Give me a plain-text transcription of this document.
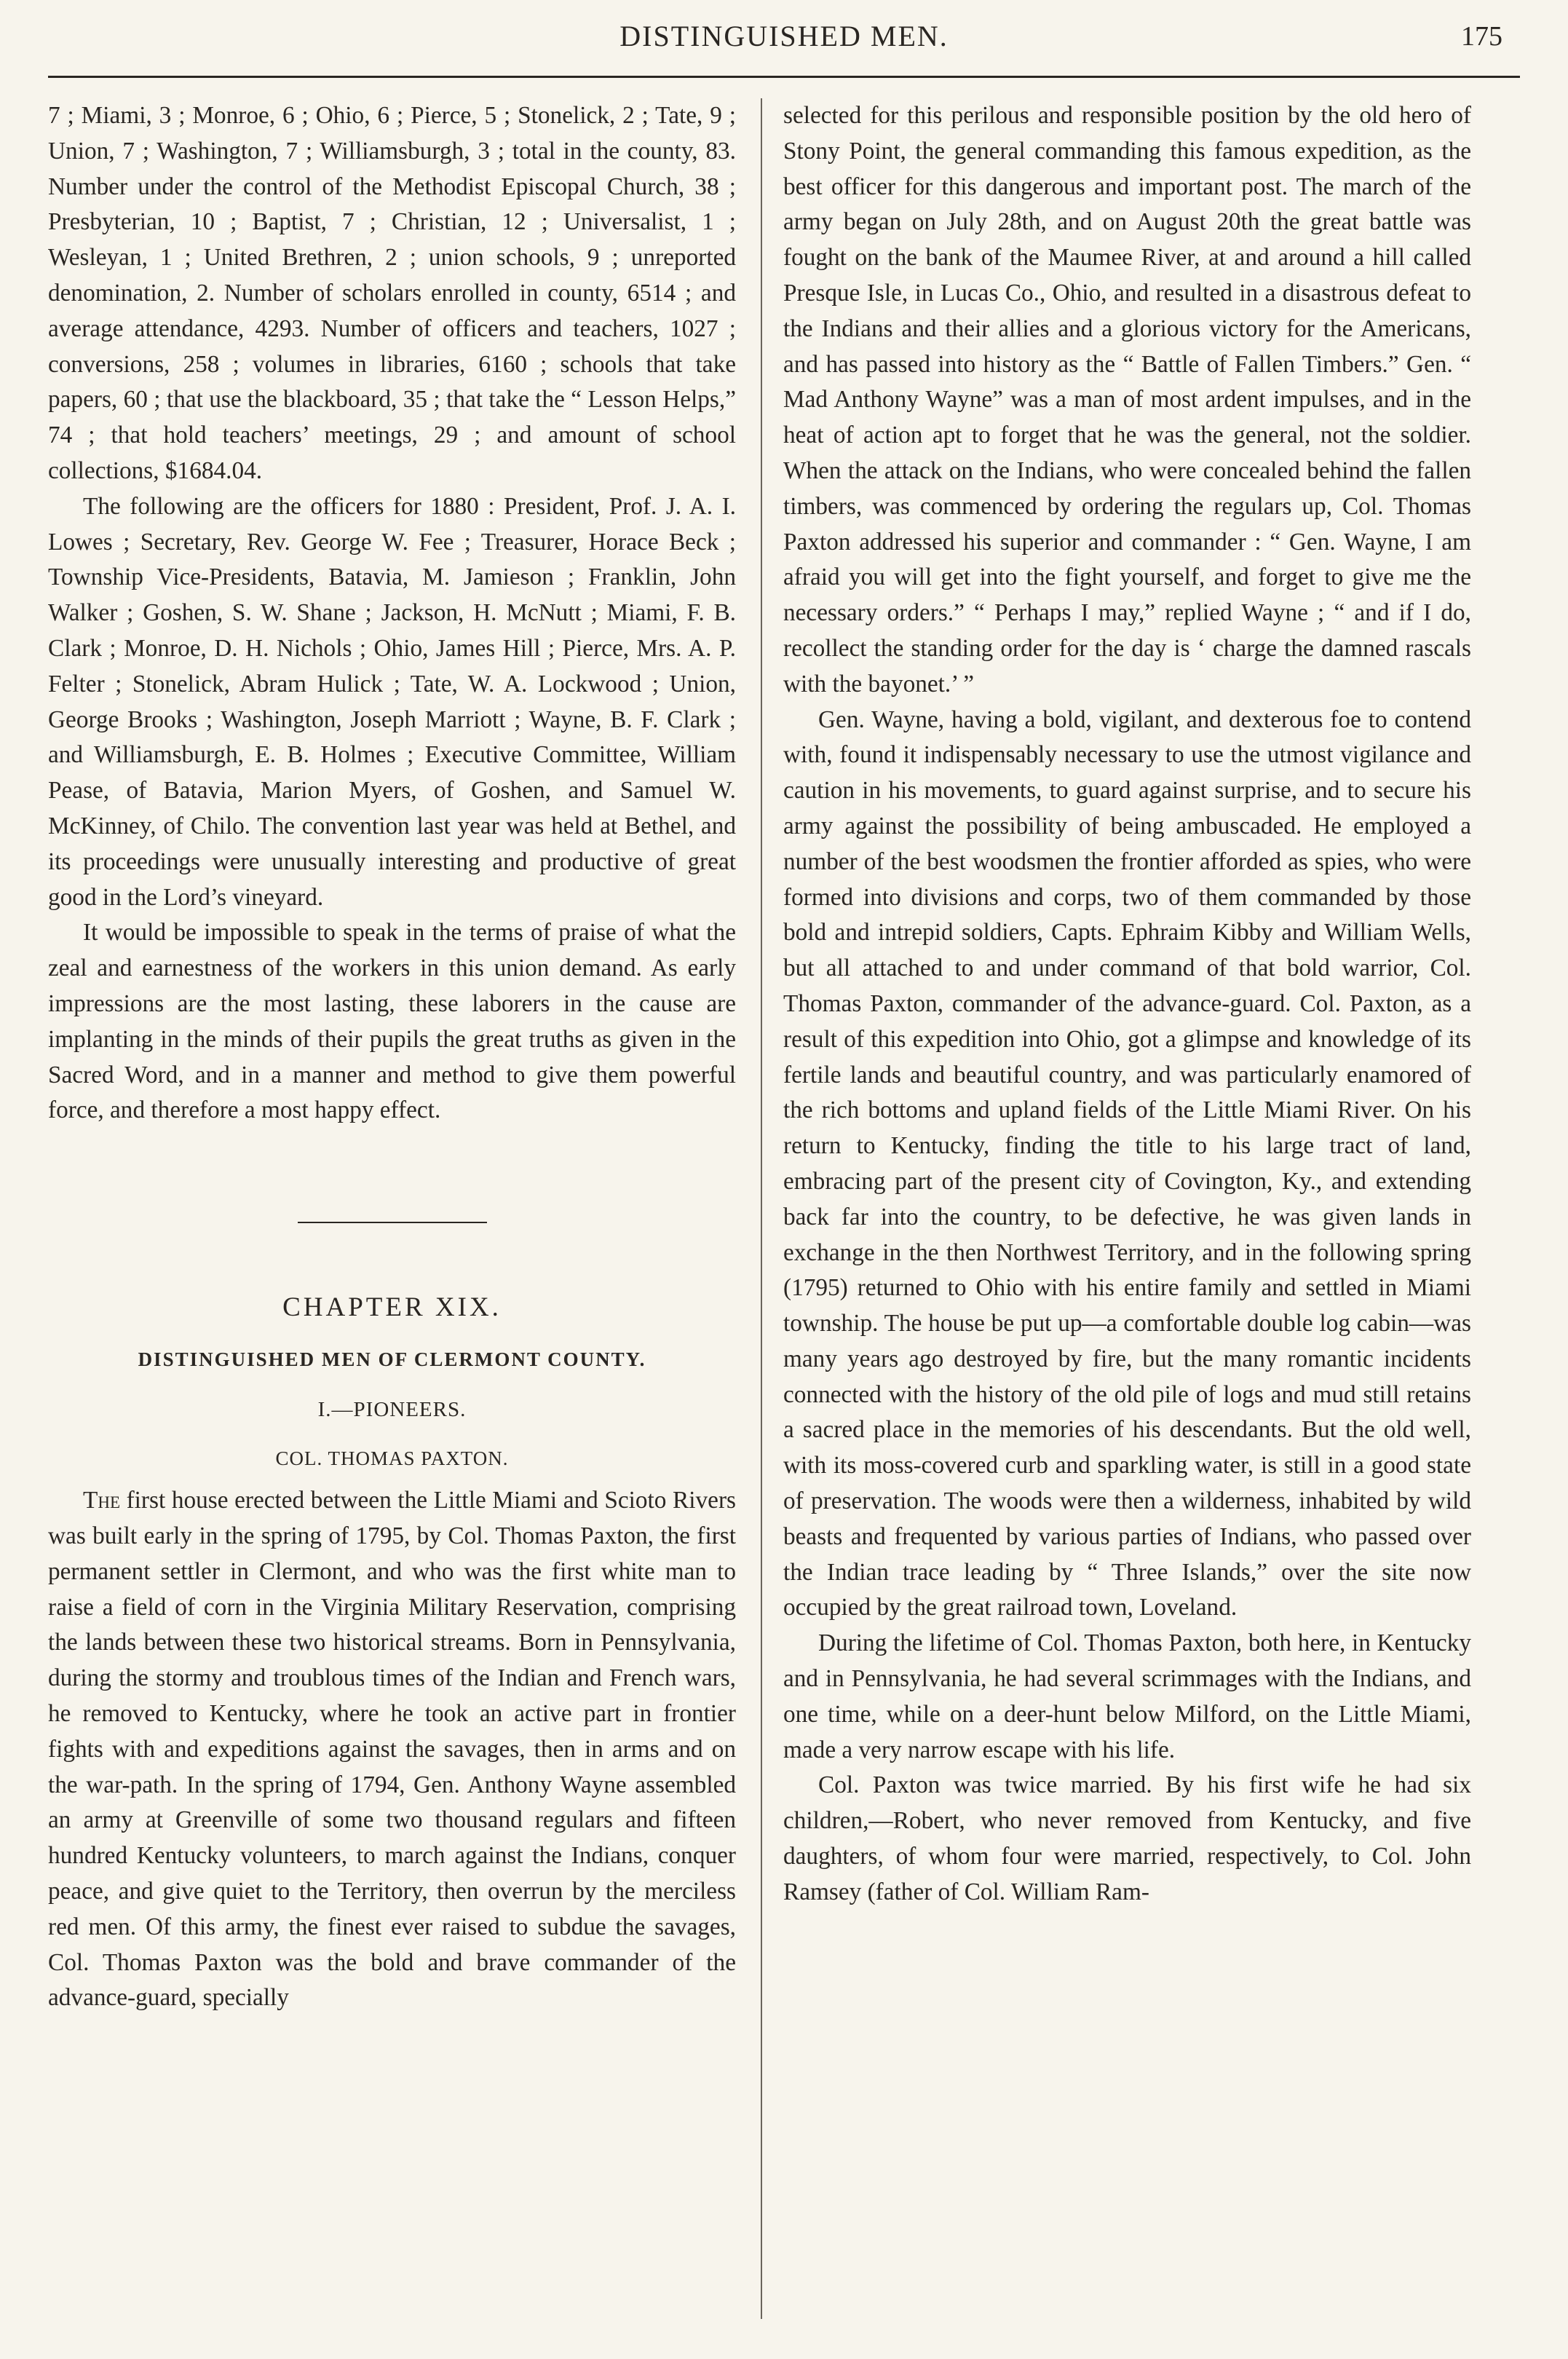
DISTINGUISHED MEN.	175

7 ; Miami, 3 ; Monroe, 6 ; Ohio, 6 ; Pierce, 5 ; Stonelick, 2 ; Tate, 9 ; Union, 7 ; Washington, 7 ; Williamsburgh, 3 ; total in the county, 83. Number under the control of the Methodist Episcopal Church, 38 ; Presbyterian, 10 ; Baptist, 7 ; Christian, 12 ; Universalist, 1 ; Wesleyan, 1 ; United Brethren, 2 ; union schools, 9 ; unreported denomination, 2. Number of scholars enrolled in county, 6514 ; and average attendance, 4293. Number of officers and teachers, 1027 ; conversions, 258 ; volumes in libraries, 6160 ; schools that take papers, 60 ; that use the blackboard, 35 ; that take the “ Lesson Helps,” 74 ; that hold teachers’ meetings, 29 ; and amount of school collections, $1684.04.

The following are the officers for 1880 : President, Prof. J. A. I. Lowes ; Secretary, Rev. George W. Fee ; Treasurer, Horace Beck ; Township Vice-Presidents, Batavia, M. Jamieson ; Franklin, John Walker ; Goshen, S. W. Shane ; Jackson, H. McNutt ; Miami, F. B. Clark ; Monroe, D. H. Nichols ; Ohio, James Hill ; Pierce, Mrs. A. P. Felter ; Stonelick, Abram Hulick ; Tate, W. A. Lockwood ; Union, George Brooks ; Washington, Joseph Marriott ; Wayne, B. F. Clark ; and Williamsburgh, E. B. Holmes ; Executive Committee, William Pease, of Batavia, Marion Myers, of Goshen, and Samuel W. McKinney, of Chilo. The convention last year was held at Bethel, and its proceedings were unusually interesting and productive of great good in the Lord’s vineyard.

It would be impossible to speak in the terms of praise of what the zeal and earnestness of the workers in this union demand. As early impressions are the most lasting, these laborers in the cause are implanting in the minds of their pupils the great truths as given in the Sacred Word, and in a manner and method to give them powerful force, and therefore a most happy effect.

CHAPTER XIX.
DISTINGUISHED MEN OF CLERMONT COUNTY.
I.—PIONEERS.
COL. THOMAS PAXTON.

The first house erected between the Little Miami and Scioto Rivers was built early in the spring of 1795, by Col. Thomas Paxton, the first permanent settler in Clermont, and who was the first white man to raise a field of corn in the Virginia Military Reservation, comprising the lands between these two historical streams. Born in Pennsylvania, during the stormy and troublous times of the Indian and French wars, he removed to Kentucky, where he took an active part in frontier fights with and expeditions against the savages, then in arms and on the war-path. In the spring of 1794, Gen. Anthony Wayne assembled an army at Greenville of some two thousand regulars and fifteen hundred Kentucky volunteers, to march against the Indians, conquer peace, and give quiet to the Territory, then overrun by the merciless red men. Of this army, the finest ever raised to subdue the savages, Col. Thomas Paxton was the bold and brave commander of the advance-guard, specially

selected for this perilous and responsible position by the old hero of Stony Point, the general commanding this famous expedition, as the best officer for this dangerous and important post. The march of the army began on July 28th, and on August 20th the great battle was fought on the bank of the Maumee River, at and around a hill called Presque Isle, in Lucas Co., Ohio, and resulted in a disastrous defeat to the Indians and their allies and a glorious victory for the Americans, and has passed into history as the “ Battle of Fallen Timbers.” Gen. “ Mad Anthony Wayne” was a man of most ardent impulses, and in the heat of action apt to forget that he was the general, not the soldier. When the attack on the Indians, who were concealed behind the fallen timbers, was commenced by ordering the regulars up, Col. Thomas Paxton addressed his superior and commander : “ Gen. Wayne, I am afraid you will get into the fight yourself, and forget to give me the necessary orders.” “ Perhaps I may,” replied Wayne ; “ and if I do, recollect the standing order for the day is ‘ charge the damned rascals with the bayonet.’ ”

Gen. Wayne, having a bold, vigilant, and dexterous foe to contend with, found it indispensably necessary to use the utmost vigilance and caution in his movements, to guard against surprise, and to secure his army against the possibility of being ambuscaded. He employed a number of the best woodsmen the frontier afforded as spies, who were formed into divisions and corps, two of them commanded by those bold and intrepid soldiers, Capts. Ephraim Kibby and William Wells, but all attached to and under command of that bold warrior, Col. Thomas Paxton, commander of the advance-guard. Col. Paxton, as a result of this expedition into Ohio, got a glimpse and knowledge of its fertile lands and beautiful country, and was particularly enamored of the rich bottoms and upland fields of the Little Miami River. On his return to Kentucky, finding the title to his large tract of land, embracing part of the present city of Covington, Ky., and extending back far into the country, to be defective, he was given lands in exchange in the then Northwest Territory, and in the following spring (1795) returned to Ohio with his entire family and settled in Miami township. The house be put up—a comfortable double log cabin—was many years ago destroyed by fire, but the many romantic incidents connected with the history of the old pile of logs and mud still retains a sacred place in the memories of his descendants. But the old well, with its moss-covered curb and sparkling water, is still in a good state of preservation. The woods were then a wilderness, inhabited by wild beasts and frequented by various parties of Indians, who passed over the Indian trace leading by “ Three Islands,” over the site now occupied by the great railroad town, Loveland.

During the lifetime of Col. Thomas Paxton, both here, in Kentucky and in Pennsylvania, he had several scrimmages with the Indians, and one time, while on a deer-hunt below Milford, on the Little Miami, made a very narrow escape with his life.

Col. Paxton was twice married. By his first wife he had six children,—Robert, who never removed from Kentucky, and five daughters, of whom four were married, respectively, to Col. John Ramsey (father of Col. William Ram-
